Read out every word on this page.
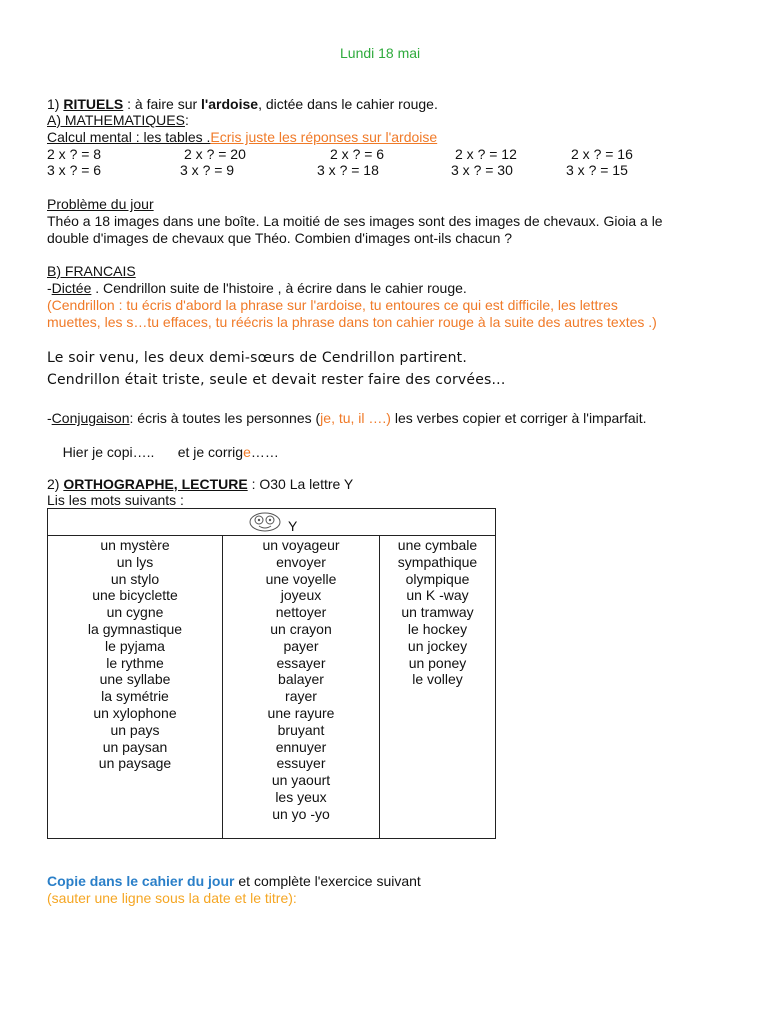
Lundi 18 mai
1) RITUELS : à faire sur l'ardoise, dictée dans le cahier rouge.
A) MATHEMATIQUES:
Calcul mental : les tables .Ecris juste les réponses sur l'ardoise
2 x ? = 8	2 x ? = 20	2 x ? = 6	2 x ? = 12	2 x ? = 16
3 x ? = 6	3 x ? = 9	3 x ? = 18	3 x ? = 30	3 x ? = 15
Problème du jour
Théo a 18 images dans une boîte. La moitié de ses images sont des images de chevaux. Gioia a le
double d'images de chevaux que Théo. Combien d'images ont-ils chacun ?
B) FRANCAIS
-Dictée . Cendrillon suite de l'histoire , à écrire dans le cahier rouge.
(Cendrillon : tu écris d'abord la phrase sur l'ardoise, tu entoures ce qui est difficile, les lettres
muettes, les s…tu effaces, tu réécris la phrase dans ton cahier rouge à la suite des autres textes .)
Le soir venu, les deux demi-sœurs de Cendrillon partirent.
Cendrillon était triste, seule et devait rester faire des corvées...
-Conjugaison: écris à toutes les personnes (je, tu, il ….) les verbes copier et corriger à l'imparfait.

Hier je copi…..      et je corrige……

2) ORTHOGRAPHE, LECTURE : O30 La lettre Y
Lis les mots suivants :
Y

un mystère
un lys
un stylo
une bicyclette
un cygne
la gymnastique
le pyjama
le rythme
une syllabe
la symétrie
un xylophone
un pays
un paysan
un paysage

un voyageur
envoyer
une voyelle
joyeux
nettoyer
un crayon
payer
essayer
balayer
rayer
une rayure
bruyant
ennuyer
essuyer
un yaourt
les yeux
un yo -yo

une cymbale
sympathique
olympique
un K -way
un tramway
le hockey
un jockey
un poney
le volley
Copie dans le cahier du jour et complète l'exercice suivant
(sauter une ligne sous la date et le titre):
